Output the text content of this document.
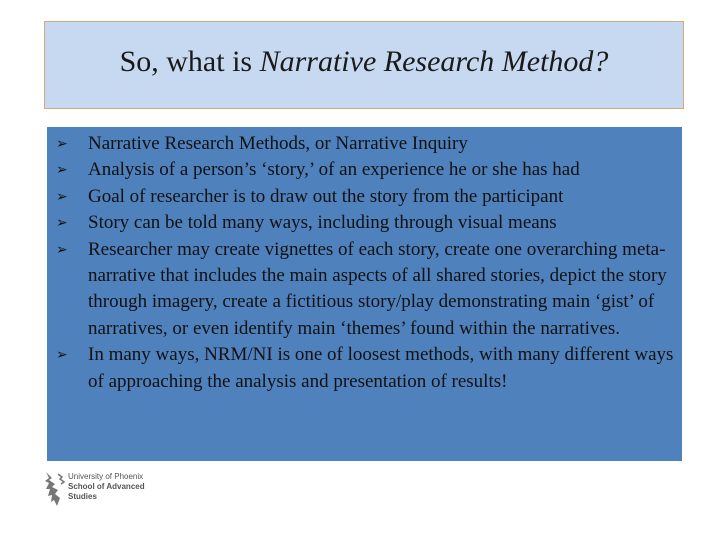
So, what is Narrative Research Method?
➢ Narrative Research Methods, or Narrative Inquiry
➢ Analysis of a person’s ‘story,’ of an experience he or she has had
➢ Goal of researcher is to draw out the story from the participant
➢ Story can be told many ways, including through visual means
➢ Researcher may create vignettes of each story, create one overarching meta-narrative that includes the main aspects of all shared stories, depict the story through imagery, create a fictitious story/play demonstrating main ‘gist’ of narratives, or even identify main ‘themes’ found within the narratives.
➢ In many ways, NRM/NI is one of loosest methods, with many different ways of approaching the analysis and presentation of results!
University of Phoenix
School of Advanced
Studies
